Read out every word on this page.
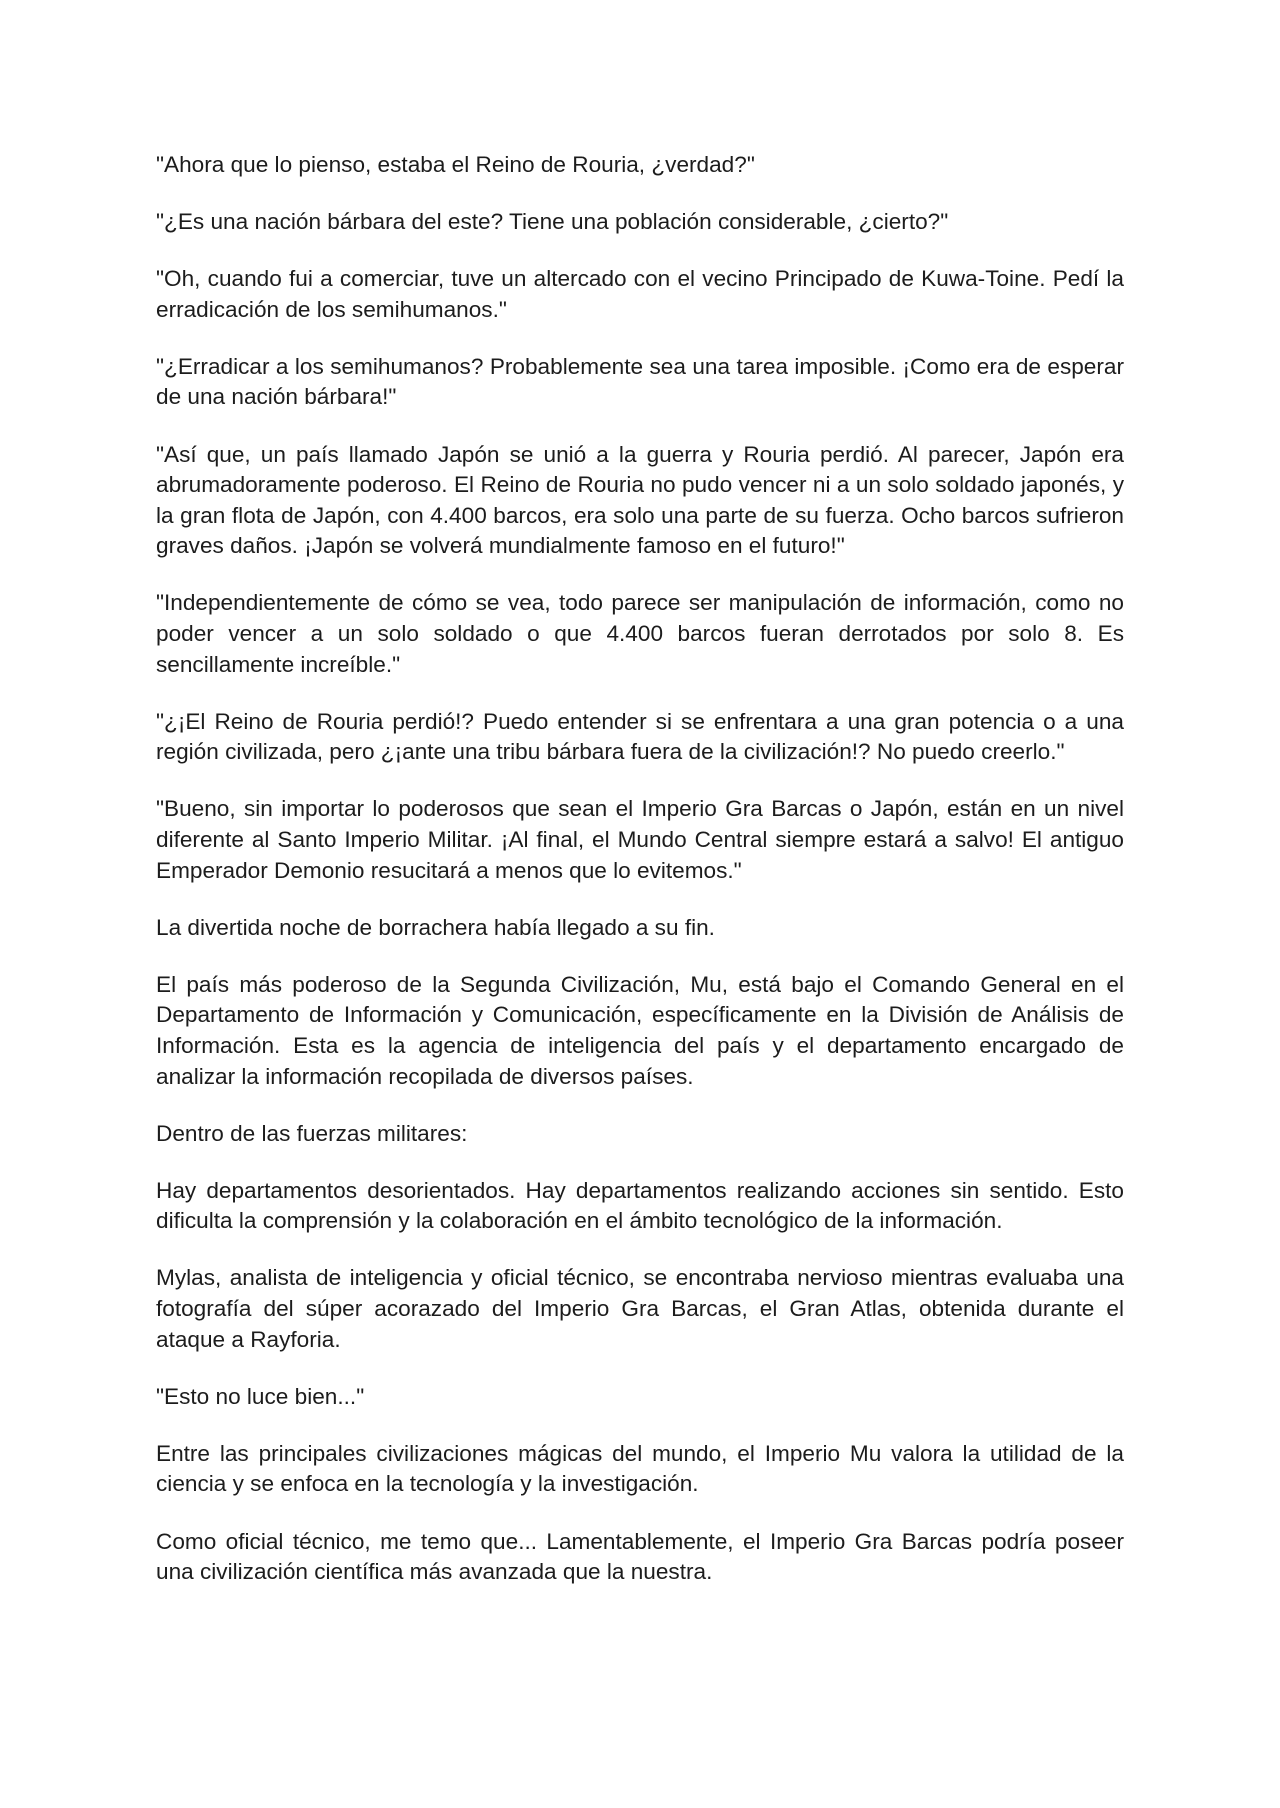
"Ahora que lo pienso, estaba el Reino de Rouria, ¿verdad?"

"¿Es una nación bárbara del este? Tiene una población considerable, ¿cierto?"

"Oh, cuando fui a comerciar, tuve un altercado con el vecino Principado de Kuwa-Toine. Pedí la erradicación de los semihumanos."

"¿Erradicar a los semihumanos? Probablemente sea una tarea imposible. ¡Como era de esperar de una nación bárbara!"

"Así que, un país llamado Japón se unió a la guerra y Rouria perdió. Al parecer, Japón era abrumadoramente poderoso. El Reino de Rouria no pudo vencer ni a un solo soldado japonés, y la gran flota de Japón, con 4.400 barcos, era solo una parte de su fuerza. Ocho barcos sufrieron graves daños. ¡Japón se volverá mundialmente famoso en el futuro!"

"Independientemente de cómo se vea, todo parece ser manipulación de información, como no poder vencer a un solo soldado o que 4.400 barcos fueran derrotados por solo 8. Es sencillamente increíble."

"¿¡El Reino de Rouria perdió!? Puedo entender si se enfrentara a una gran potencia o a una región civilizada, pero ¿¡ante una tribu bárbara fuera de la civilización!? No puedo creerlo."

"Bueno, sin importar lo poderosos que sean el Imperio Gra Barcas o Japón, están en un nivel diferente al Santo Imperio Militar. ¡Al final, el Mundo Central siempre estará a salvo! El antiguo Emperador Demonio resucitará a menos que lo evitemos."

La divertida noche de borrachera había llegado a su fin.

El país más poderoso de la Segunda Civilización, Mu, está bajo el Comando General en el Departamento de Información y Comunicación, específicamente en la División de Análisis de Información. Esta es la agencia de inteligencia del país y el departamento encargado de analizar la información recopilada de diversos países.

Dentro de las fuerzas militares:

Hay departamentos desorientados. Hay departamentos realizando acciones sin sentido. Esto dificulta la comprensión y la colaboración en el ámbito tecnológico de la información.

Mylas, analista de inteligencia y oficial técnico, se encontraba nervioso mientras evaluaba una fotografía del súper acorazado del Imperio Gra Barcas, el Gran Atlas, obtenida durante el ataque a Rayforia.

"Esto no luce bien..."

Entre las principales civilizaciones mágicas del mundo, el Imperio Mu valora la utilidad de la ciencia y se enfoca en la tecnología y la investigación.

Como oficial técnico, me temo que... Lamentablemente, el Imperio Gra Barcas podría poseer una civilización científica más avanzada que la nuestra.
